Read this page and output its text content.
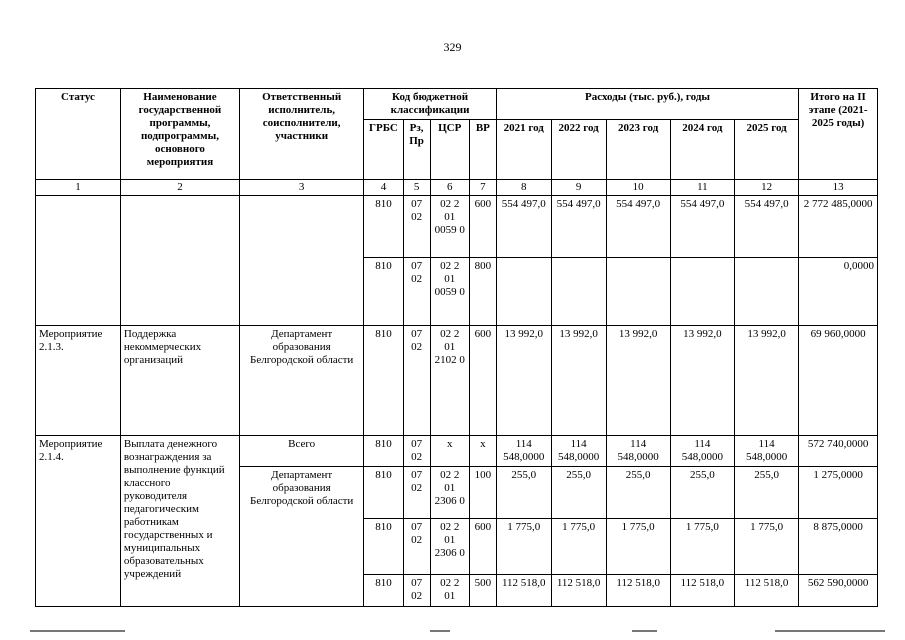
329
Статус	Наименование государственной программы, подпрограммы, основного мероприятия	Ответственный исполнитель, соисполнители, участники	Код бюджетной классификации				Расходы (тыс. руб.), годы					Итого на II этапе (2021-2025 годы)
			ГРБС	Рз, Пр	ЦСР	ВР	2021 год	2022 год	2023 год	2024 год	2025 год	
1	2	3	4	5	6	7	8	9	10	11	12	13
			810	07 02	02 2 01 0059 0	600	554 497,0	554 497,0	554 497,0	554 497,0	554 497,0	2 772 485,0000
			810	07 02	02 2 01 0059 0	800						0,0000
Мероприятие 2.1.3.	Поддержка некоммерческих организаций	Департамент образования Белгородской области	810	07 02	02 2 01 2102 0	600	13 992,0	13 992,0	13 992,0	13 992,0	13 992,0	69 960,0000
Мероприятие 2.1.4.	Выплата денежного вознаграждения за выполнение функций классного руководителя педагогическим работникам государственных и муниципальных образовательных учреждений	Всего	810	07 02	х	х	114 548,0000	114 548,0000	114 548,0000	114 548,0000	114 548,0000	572 740,0000
		Департамент образования Белгородской области	810	07 02	02 2 01 2306 0	100	255,0	255,0	255,0	255,0	255,0	1 275,0000
			810	07 02	02 2 01 2306 0	600	1 775,0	1 775,0	1 775,0	1 775,0	1 775,0	8 875,0000
			810	07 02	02 2 01	500	112 518,0	112 518,0	112 518,0	112 518,0	112 518,0	562 590,0000
